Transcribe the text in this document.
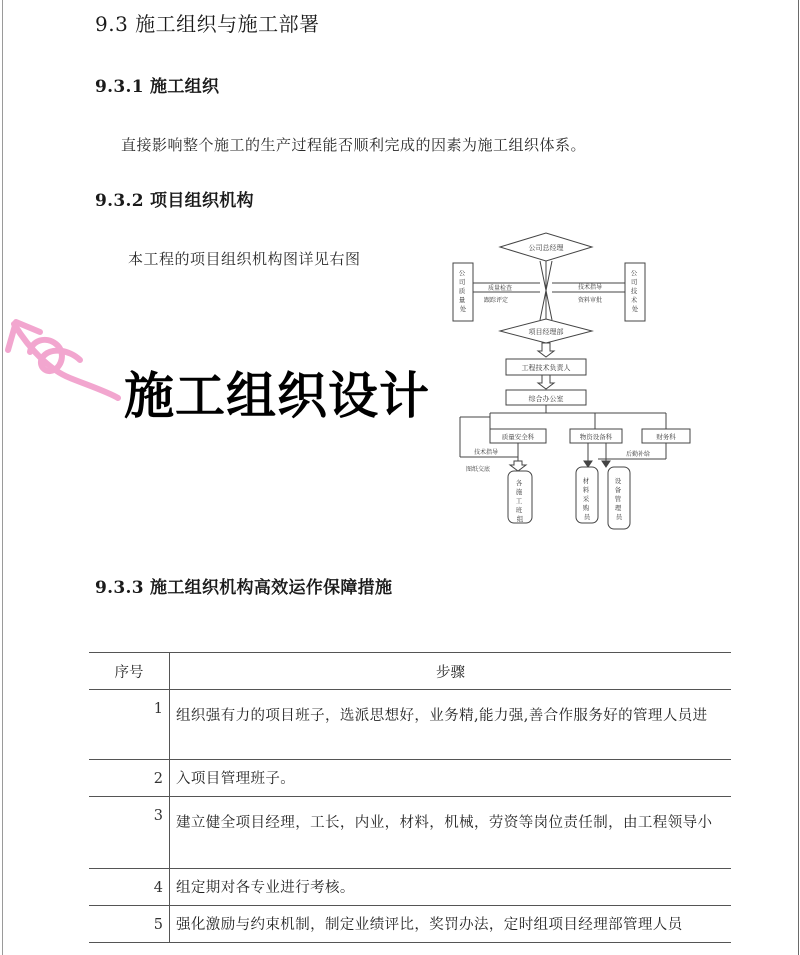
9.3 施工组织与施工部署
9.3.1 施工组织
直接影响整个施工的生产过程能否顺利完成的因素为施工组织体系。
9.3.2 项目组织机构
本工程的项目组织机构图详见右图
公司总经理
项目经理部
工程技术负责人
综合办公室
质量安全科	物资设备科	财务科
质量检查
跟踪评定
技术指导
资料审批
技术指导
图纸交底
后勤补给
公 司 质 量 处
公 司 技 术 处
各 施 工 班 组
材 料 采 购 员
设 备 管 理 员
施工组织设计
9.3.3 施工组织机构高效运作保障措施
序号	步骤
1	组织强有力的项目班子，选派思想好，业务精,能力强,善合作服务好的管理人员进
2	入项目管理班子。
3	建立健全项目经理，工长，内业，材料，机械，劳资等岗位责任制，由工程领导小
4	组定期对各专业进行考核。
5	强化激励与约束机制，制定业绩评比，奖罚办法，定时组项目经理部管理人员
